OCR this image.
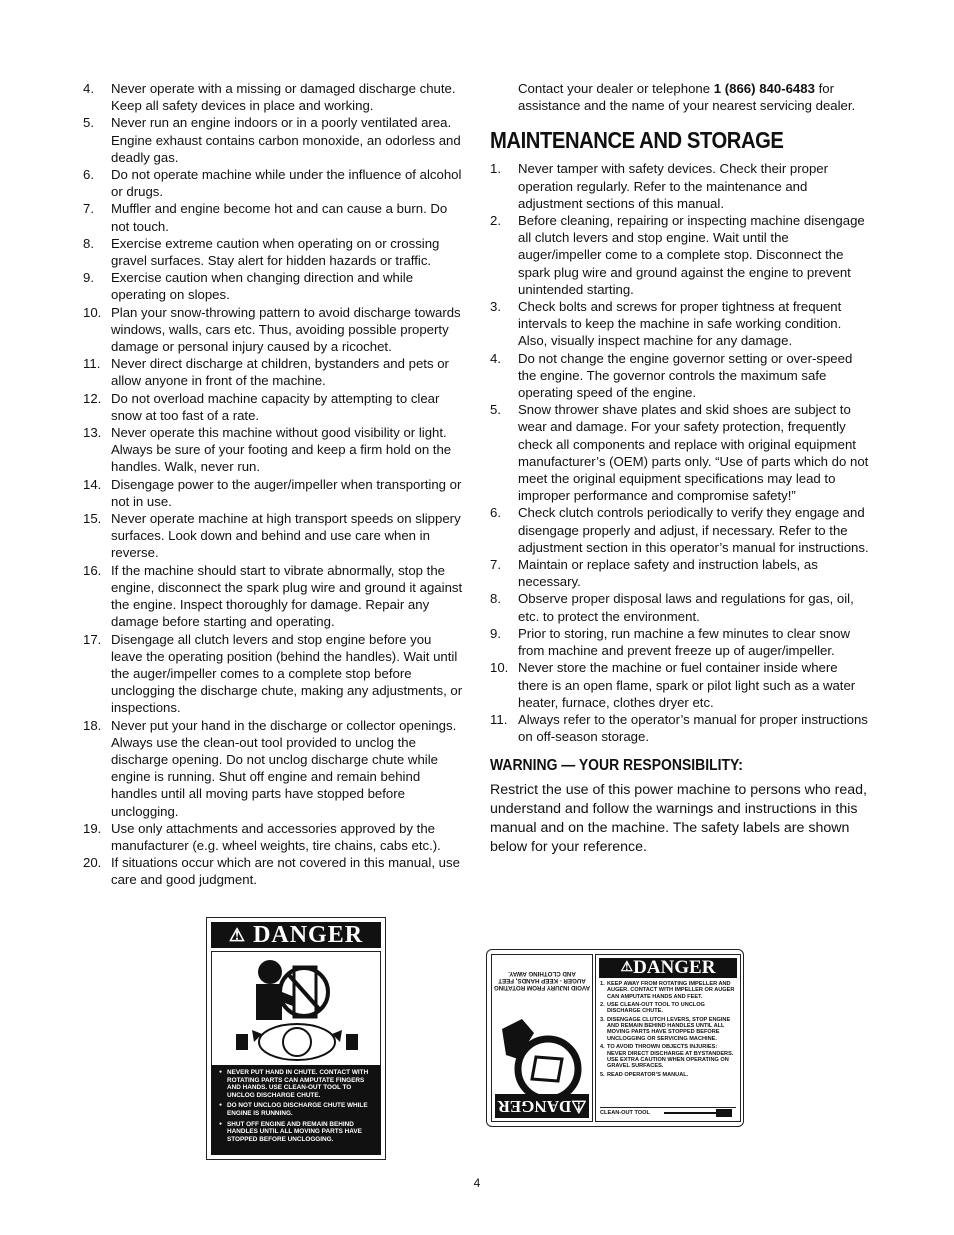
4.	Never operate with a missing or damaged discharge chute. Keep all safety devices in place and working.
5.	Never run an engine indoors or in a poorly ventilated area. Engine exhaust contains carbon monoxide, an odorless and deadly gas.
6.	Do not operate machine while under the influence of alcohol or drugs.
7.	Muffler and engine become hot and can cause a burn. Do not touch.
8.	Exercise extreme caution when operating on or crossing gravel surfaces. Stay alert for hidden hazards or traffic.
9.	Exercise caution when changing direction and while operating on slopes.
10. Plan your snow-throwing pattern to avoid discharge towards windows, walls, cars etc. Thus, avoiding possible property damage or personal injury caused by a ricochet.
11. Never direct discharge at children, bystanders and pets or allow anyone in front of the machine.
12. Do not overload machine capacity by attempting to clear snow at too fast of a rate.
13. Never operate this machine without good visibility or light. Always be sure of your footing and keep a firm hold on the handles. Walk, never run.
14. Disengage power to the auger/impeller when transporting or not in use.
15. Never operate machine at high transport speeds on slippery surfaces. Look down and behind and use care when in reverse.
16. If the machine should start to vibrate abnormally, stop the engine, disconnect the spark plug wire and ground it against the engine. Inspect thoroughly for damage. Repair any damage before starting and operating.
17. Disengage all clutch levers and stop engine before you leave the operating position (behind the handles). Wait until the auger/impeller comes to a complete stop before unclogging the discharge chute, making any adjustments, or inspections.
18. Never put your hand in the discharge or collector openings. Always use the clean-out tool provided to unclog the discharge opening. Do not unclog discharge chute while engine is running. Shut off engine and remain behind handles until all moving parts have stopped before unclogging.
19. Use only attachments and accessories approved by the manufacturer (e.g. wheel weights, tire chains, cabs etc.).
20. If situations occur which are not covered in this manual, use care and good judgment.

Contact your dealer or telephone 1 (866) 840-6483 for assistance and the name of your nearest servicing dealer.

MAINTENANCE AND STORAGE
1.	Never tamper with safety devices. Check their proper operation regularly. Refer to the maintenance and adjustment sections of this manual.
2.	Before cleaning, repairing or inspecting machine disengage all clutch levers and stop engine. Wait until the auger/impeller come to a complete stop. Disconnect the spark plug wire and ground against the engine to prevent unintended starting.
3.	Check bolts and screws for proper tightness at frequent intervals to keep the machine in safe working condition. Also, visually inspect machine for any damage.
4.	Do not change the engine governor setting or over-speed the engine. The governor controls the maximum safe operating speed of the engine.
5.	Snow thrower shave plates and skid shoes are subject to wear and damage. For your safety protection, frequently check all components and replace with original equipment manufacturer’s (OEM) parts only. “Use of parts which do not meet the original equipment specifications may lead to improper performance and compromise safety!”
6.	Check clutch controls periodically to verify they engage and disengage properly and adjust, if necessary. Refer to the adjustment section in this operator’s manual for instructions.
7.	Maintain or replace safety and instruction labels, as necessary.
8.	Observe proper disposal laws and regulations for gas, oil, etc. to protect the environment.
9.	Prior to storing, run machine a few minutes to clear snow from machine and prevent freeze up of auger/impeller.
10. Never store the machine or fuel container inside where there is an open flame, spark or pilot light such as a water heater, furnace, clothes dryer etc.
11. Always refer to the operator’s manual for proper instructions on off-season storage.
WARNING — YOUR RESPONSIBILITY:

Restrict the use of this power machine to persons who read, understand and follow the warnings and instructions in this manual and on the machine. The safety labels are shown below for your reference.

⚠ DANGER
● NEVER PUT HAND IN CHUTE. CONTACT WITH ROTATING PARTS CAN AMPUTATE FINGERS AND HANDS. USE CLEAN-OUT TOOL TO UNCLOG DISCHARGE CHUTE.
● DO NOT UNCLOG DISCHARGE CHUTE WHILE ENGINE IS RUNNING.
● SHUT OFF ENGINE AND REMAIN BEHIND HANDLES UNTIL ALL MOVING PARTS HAVE STOPPED BEFORE UNCLOGGING.
AVOID INJURY FROM ROTATING AUGER - KEEP HANDS, FEET AND CLOTHING AWAY.
⚠DANGER
⚠DANGER
1. KEEP AWAY FROM ROTATING IMPELLER AND AUGER. CONTACT WITH IMPELLER OR AUGER CAN AMPUTATE HANDS AND FEET.
2. USE CLEAN-OUT TOOL TO UNCLOG DISCHARGE CHUTE.
3. DISENGAGE CLUTCH LEVERS, STOP ENGINE AND REMAIN BEHIND HANDLES UNTIL ALL MOVING PARTS HAVE STOPPED BEFORE UNCLOGGING OR SERVICING MACHINE.
4. TO AVOID THROWN OBJECTS INJURIES: NEVER DIRECT DISCHARGE AT BYSTANDERS. USE EXTRA CAUTION WHEN OPERATING ON GRAVEL SURFACES.
5. READ OPERATOR’S MANUAL.
CLEAN-OUT TOOL
4
